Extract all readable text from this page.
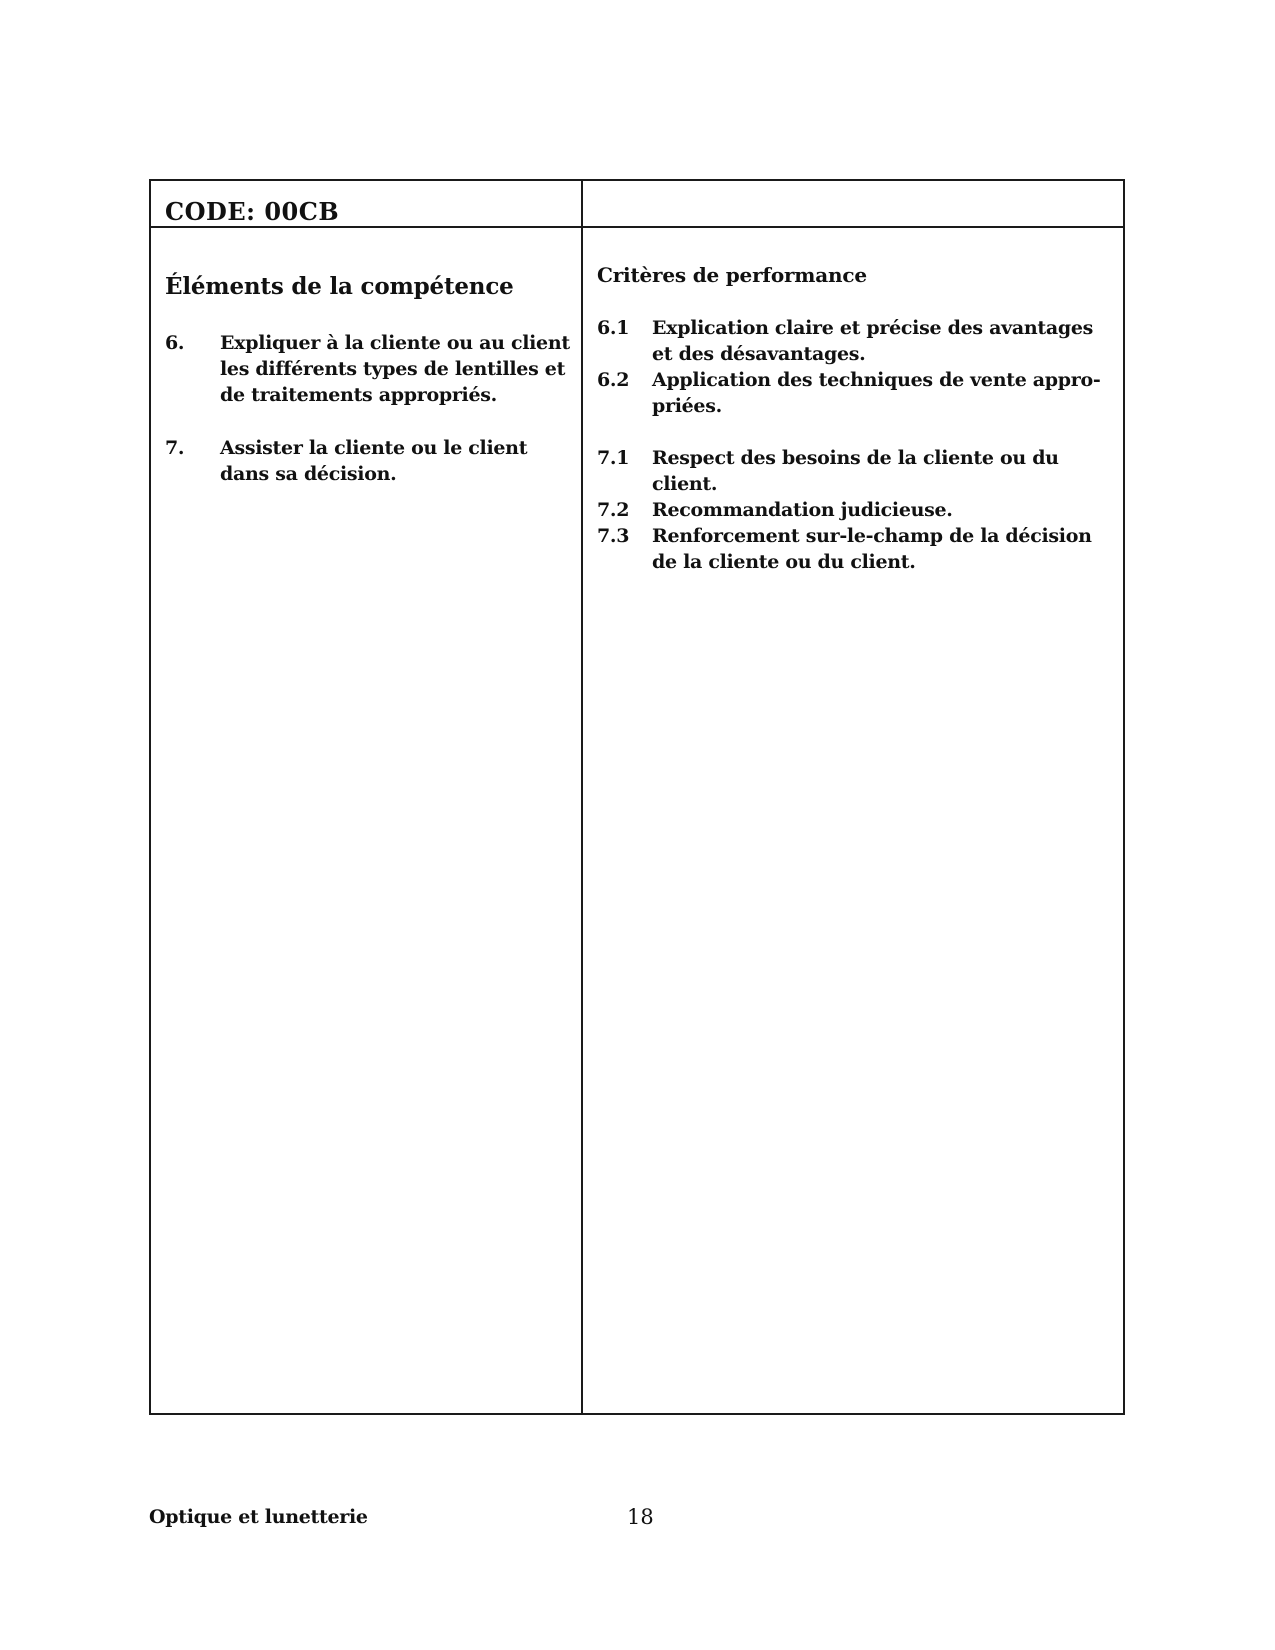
CODE: 00CB
Éléments de la compétence
6.	Expliquer à la cliente ou au client les différents types de lentilles et de traitements appropriés.
7.	Assister la cliente ou le client dans sa décision.
Critères de performance
6.1	Explication claire et précise des avantages et des désavantages.
6.2	Application des techniques de vente appro-priées.
7.1	Respect des besoins de la cliente ou du client.
7.2	Recommandation judicieuse.
7.3	Renforcement sur-le-champ de la décision de la cliente ou du client.
Optique et lunetterie	18
